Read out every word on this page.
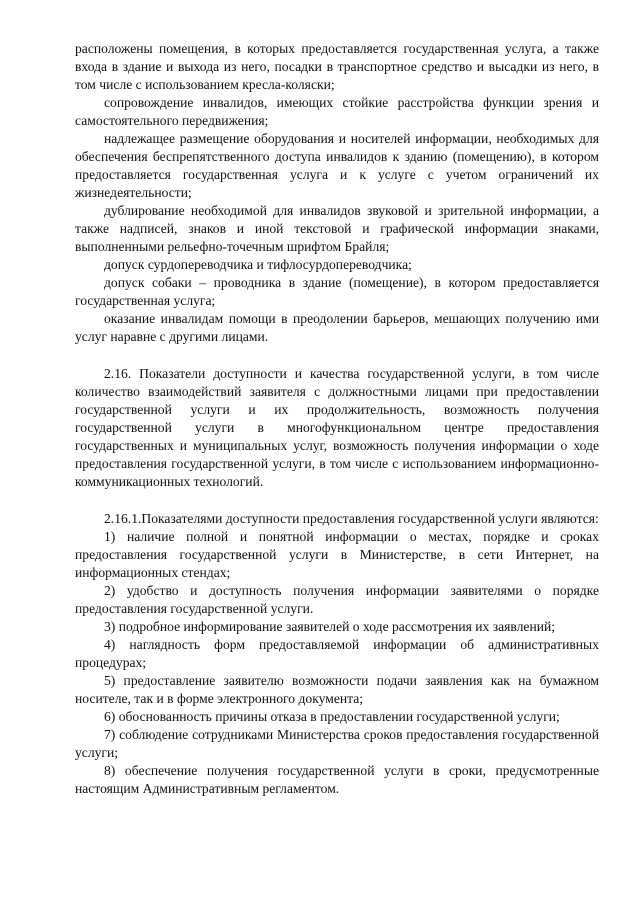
расположены помещения, в которых предоставляется государственная услуга, а также входа в здание и выхода из него, посадки в транспортное средство и высадки из него, в том числе с использованием кресла-коляски;

сопровождение инвалидов, имеющих стойкие расстройства функции зрения и самостоятельного передвижения;

надлежащее размещение оборудования и носителей информации, необходимых для обеспечения беспрепятственного доступа инвалидов к зданию (помещению), в котором предоставляется государственная услуга и к услуге с учетом ограничений их жизнедеятельности;

дублирование необходимой для инвалидов звуковой и зрительной информации, а также надписей, знаков и иной текстовой и графической информации знаками, выполненными рельефно-точечным шрифтом Брайля;

допуск сурдопереводчика и тифлосурдопереводчика;

допуск собаки – проводника в здание (помещение), в котором предоставляется государственная услуга;

оказание инвалидам помощи в преодолении барьеров, мешающих получению ими услуг наравне с другими лицами.

2.16. Показатели доступности и качества государственной услуги, в том числе количество взаимодействий заявителя с должностными лицами при предоставлении государственной услуги и их продолжительность, возможность получения государственной услуги в многофункциональном центре предоставления государственных и муниципальных услуг, возможность получения информации о ходе предоставления государственной услуги, в том числе с использованием информационно-коммуникационных технологий.

2.16.1.Показателями доступности предоставления государственной услуги являются:

1) наличие полной и понятной информации о местах, порядке и сроках предоставления государственной услуги в Министерстве, в сети Интернет, на информационных стендах;

2) удобство и доступность получения информации заявителями о порядке предоставления государственной услуги.

3) подробное информирование заявителей о ходе рассмотрения их заявлений;

4) наглядность форм предоставляемой информации об административных процедурах;

5) предоставление заявителю возможности подачи заявления как на бумажном носителе, так и в форме электронного документа;

6) обоснованность причины отказа в предоставлении государственной услуги;

7) соблюдение сотрудниками Министерства сроков предоставления государственной услуги;

8) обеспечение получения государственной услуги в сроки, предусмотренные настоящим Административным регламентом.
